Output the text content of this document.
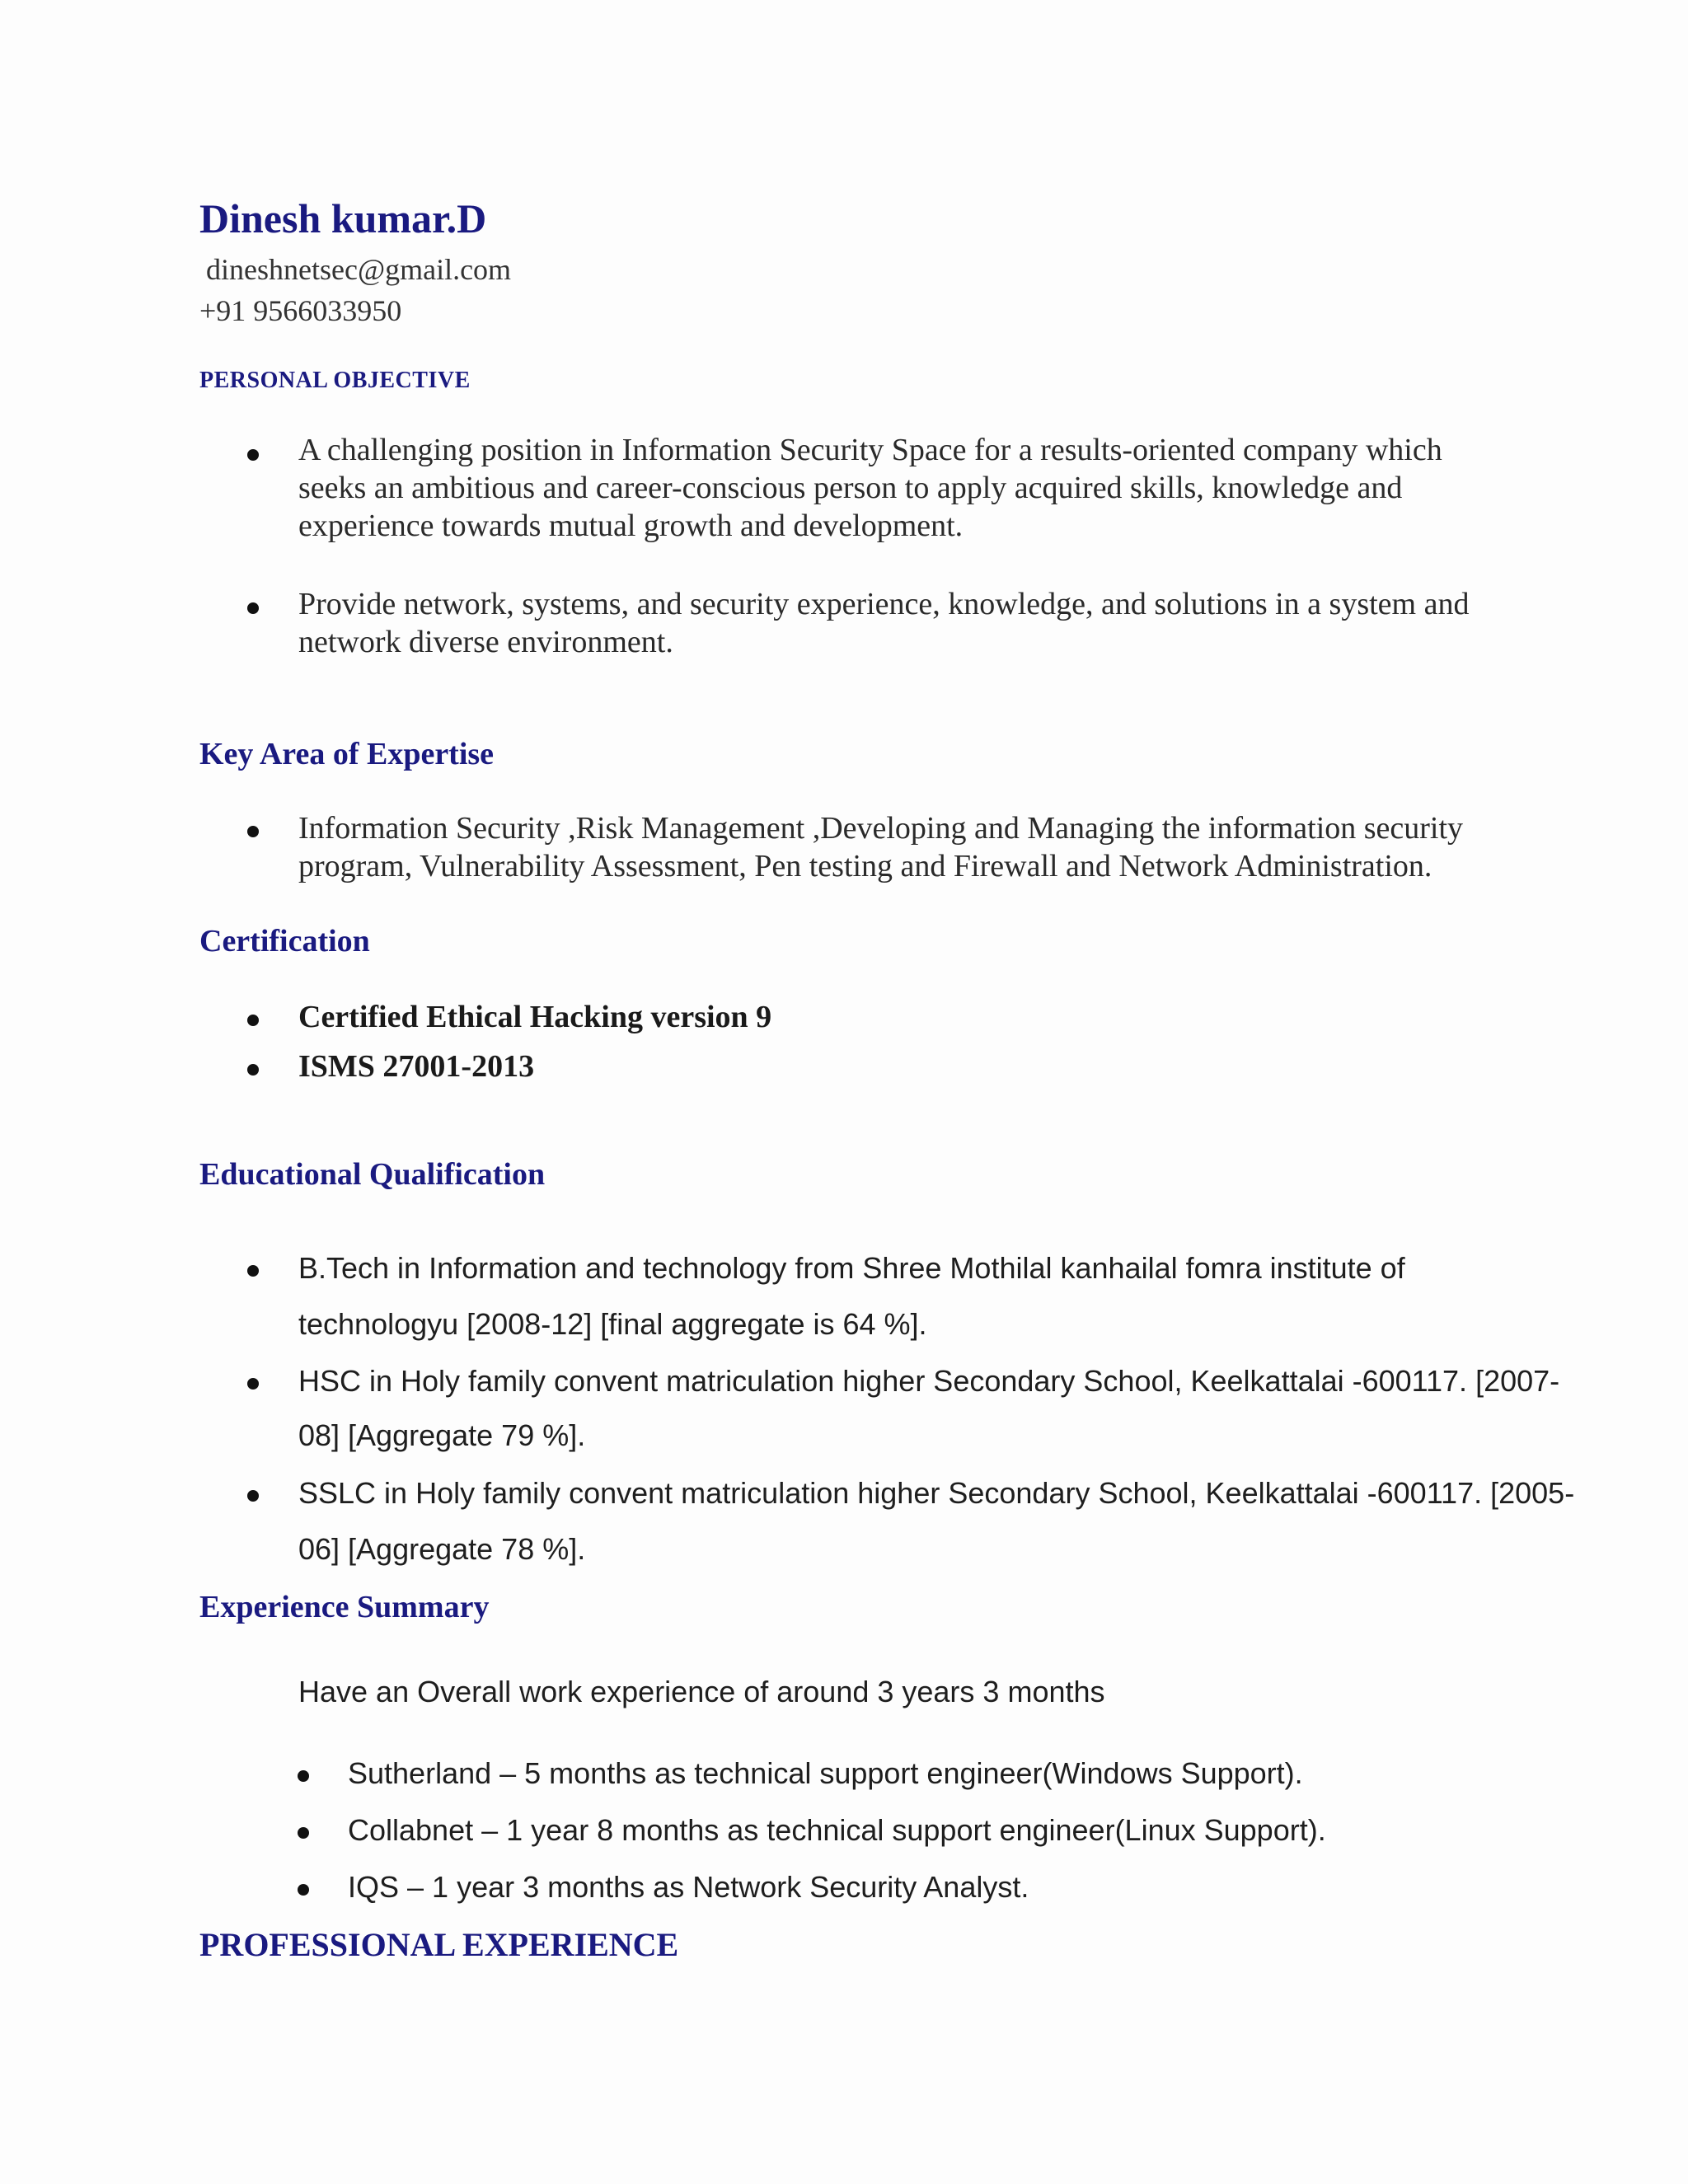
Dinesh kumar.D
dineshnetsec@gmail.com
+91 9566033950
PERSONAL OBJECTIVE
A challenging position in Information Security Space for a results-oriented company which seeks an ambitious and career-conscious person to apply acquired skills, knowledge and experience towards mutual growth and development.
Provide network, systems, and security experience, knowledge, and solutions in a system and network diverse environment.
Key Area of Expertise
Information Security ,Risk Management ,Developing and Managing the information security program, Vulnerability Assessment, Pen testing and Firewall and Network Administration.
Certification
Certified Ethical Hacking version 9
ISMS 27001-2013
Educational Qualification
B.Tech in Information and technology from Shree Mothilal kanhailal fomra institute of
technologyu [2008-12] [final aggregate is 64 %].
HSC in Holy family convent matriculation higher Secondary School, Keelkattalai -600117. [2007-
08] [Aggregate 79 %].
SSLC in Holy family convent matriculation higher Secondary School, Keelkattalai -600117. [2005-
06] [Aggregate 78 %].
Experience Summary
Have an Overall work experience of around 3 years 3 months
Sutherland – 5 months as technical support engineer(Windows Support).
Collabnet – 1 year 8 months as technical support engineer(Linux Support).
IQS – 1 year 3 months as Network Security Analyst.
PROFESSIONAL EXPERIENCE
